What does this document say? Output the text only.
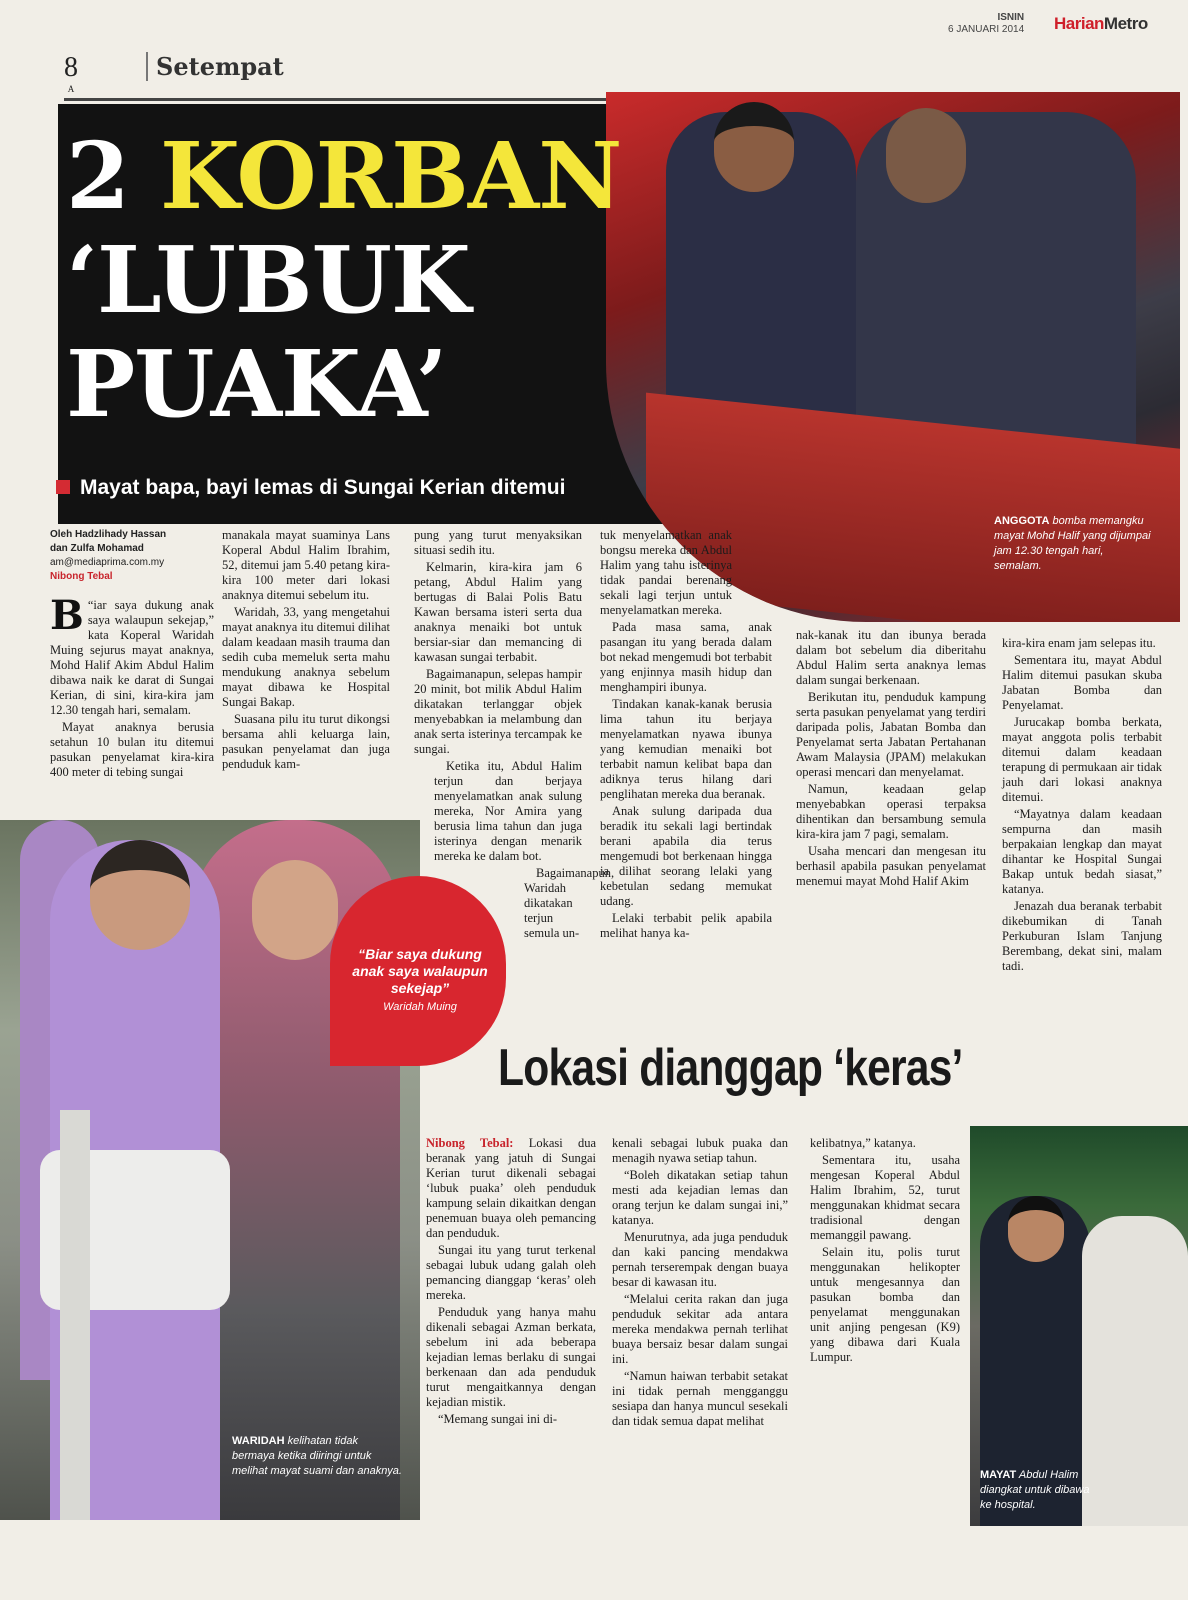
8
A
Setempat
ISNIN
6 JANUARI 2014 HarianMetro
ANGGOTA bomba memangku mayat Mohd Halif yang dijumpai jam 12.30 tengah hari, semalam.
2 KORBAN
‘LUBUK
PUAKA’
Mayat bapa, bayi lemas di Sungai Kerian ditemui
Oleh Hadzlihady Hassan
dan Zulfa Mohamad
am@mediaprima.com.my
Nibong Tebal

B “iar saya dukung anak saya walaupun sekejap,” kata Koperal Waridah Muing sejurus mayat anaknya, Mohd Halif Akim Abdul Halim dibawa naik ke darat di Sungai Kerian, di sini, kira-kira jam 12.30 tengah hari, semalam.

Mayat anaknya berusia setahun 10 bulan itu ditemui pasukan penyelamat kira-kira 400 meter di tebing sungai

manakala mayat suaminya Lans Koperal Abdul Halim Ibrahim, 52, ditemui jam 5.40 petang kira-kira 100 meter dari lokasi anaknya ditemui sebelum itu.

Waridah, 33, yang mengetahui mayat anaknya itu ditemui dilihat dalam keadaan masih trauma dan sedih cuba memeluk serta mahu mendukung anaknya sebelum mayat dibawa ke Hospital Sungai Bakap.

Suasana pilu itu turut dikongsi bersama ahli keluarga lain, pasukan penyelamat dan juga penduduk kam-

pung yang turut menyaksikan situasi sedih itu.

Kelmarin, kira-kira jam 6 petang, Abdul Halim yang bertugas di Balai Polis Batu Kawan bersama isteri serta dua anaknya menaiki bot untuk bersiar-siar dan memancing di kawasan sungai terbabit.

Bagaimanapun, selepas hampir 20 minit, bot milik Abdul Halim dikatakan terlanggar objek menyebabkan ia melambung dan anak serta isterinya tercampak ke sungai.

Ketika itu, Abdul Halim terjun dan berjaya menyelamatkan anak sulung mereka, Nor Amira yang berusia lima tahun dan juga isterinya dengan menarik mereka ke dalam bot.

Bagaimanapun, Waridah dikatakan terjun semula un-

tuk menyelamatkan anak bongsu mereka dan Abdul Halim yang tahu isterinya tidak pandai berenang sekali lagi terjun untuk menyelamatkan mereka.

Pada masa sama, anak pasangan itu yang berada dalam bot nekad mengemudi bot terbabit yang enjinnya masih hidup dan menghampiri ibunya.

Tindakan kanak-kanak berusia lima tahun itu berjaya menyelamatkan nyawa ibunya yang kemudian menaiki bot terbabit namun kelibat bapa dan adiknya terus hilang dari penglihatan mereka dua beranak.

Anak sulung daripada dua beradik itu sekali lagi bertindak berani apabila dia terus mengemudi bot berkenaan hingga ia dilihat seorang lelaki yang kebetulan sedang memukat udang.

Lelaki terbabit pelik apabila melihat hanya ka-

nak-kanak itu dan ibunya berada dalam bot sebelum dia diberitahu Abdul Halim serta anaknya lemas dalam sungai berkenaan.

Berikutan itu, penduduk kampung serta pasukan penyelamat yang terdiri daripada polis, Jabatan Bomba dan Penyelamat serta Jabatan Pertahanan Awam Malaysia (JPAM) melakukan operasi mencari dan menyelamat.

Namun, keadaan gelap menyebabkan operasi terpaksa dihentikan dan bersambung semula kira-kira jam 7 pagi, semalam.

Usaha mencari dan mengesan itu berhasil apabila pasukan penyelamat menemui mayat Mohd Halif Akim

kira-kira enam jam selepas itu.

Sementara itu, mayat Abdul Halim ditemui pasukan skuba Jabatan Bomba dan Penyelamat.

Jurucakap bomba berkata, mayat anggota polis terbabit ditemui dalam keadaan terapung di permukaan air tidak jauh dari lokasi anaknya ditemui.

“Mayatnya dalam keadaan sempurna dan masih berpakaian lengkap dan mayat dihantar ke Hospital Sungai Bakap untuk bedah siasat,” katanya.

Jenazah dua beranak terbabit dikebumikan di Tanah Perkuburan Islam Tanjung Berembang, dekat sini, malam tadi.

WARIDAH kelihatan tidak bermaya ketika diiringi untuk melihat mayat suami dan anaknya.
“Biar saya dukung anak saya walaupun sekejap”
Waridah Muing
Lokasi dianggap ‘keras’

Nibong Tebal: Lokasi dua beranak yang jatuh di Sungai Kerian turut dikenali sebagai ‘lubuk puaka’ oleh penduduk kampung selain dikaitkan dengan penemuan buaya oleh pemancing dan penduduk.

Sungai itu yang turut terkenal sebagai lubuk udang galah oleh pemancing dianggap ‘keras’ oleh mereka.

Penduduk yang hanya mahu dikenali sebagai Azman berkata, sebelum ini ada beberapa kejadian lemas berlaku di sungai berkenaan dan ada penduduk turut mengaitkannya dengan kejadian mistik.

“Memang sungai ini di-

kenali sebagai lubuk puaka dan menagih nyawa setiap tahun.

“Boleh dikatakan setiap tahun mesti ada kejadian lemas dan orang terjun ke dalam sungai ini,” katanya.

Menurutnya, ada juga penduduk dan kaki pancing mendakwa pernah terserempak dengan buaya besar di kawasan itu.

“Melalui cerita rakan dan juga penduduk sekitar ada antara mereka mendakwa pernah terlihat buaya bersaiz besar dalam sungai ini.

“Namun haiwan terbabit setakat ini tidak pernah mengganggu sesiapa dan hanya muncul sesekali dan tidak semua dapat melihat

kelibatnya,” katanya.

Sementara itu, usaha mengesan Koperal Abdul Halim Ibrahim, 52, turut menggunakan khidmat secara tradisional dengan memanggil pawang.

Selain itu, polis turut menggunakan helikopter untuk mengesannya dan pasukan bomba dan penyelamat menggunakan unit anjing pengesan (K9) yang dibawa dari Kuala Lumpur.

MAYAT Abdul Halim diangkat untuk dibawa ke hospital.
